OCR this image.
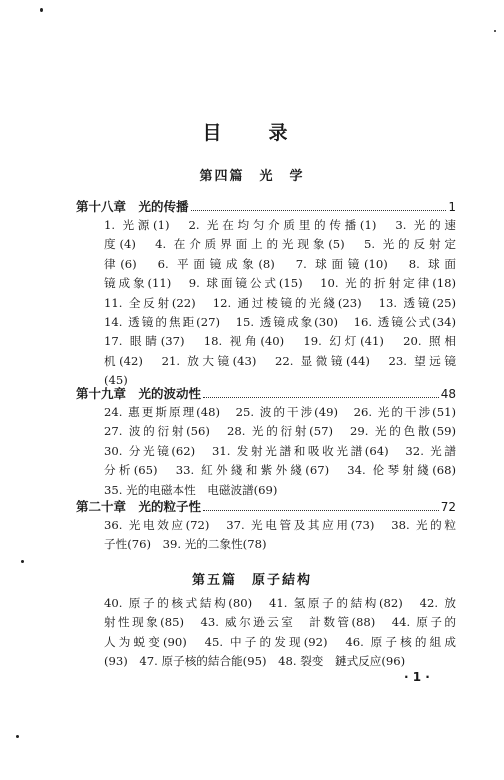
目　录
第四篇　光　学
第十八章　光的传播	1

1. 光源(1)　2. 光在均匀介质里的传播(1)　3. 光的速

度(4)　4. 在介质界面上的光现象(5)　5. 光的反射定

律(6)　6. 平面镜成象(8)　7. 球面镜(10)　8. 球面

镜成象(11)　9. 球面镜公式(15)　10. 光的折射定律(18)

11. 全反射(22)　12. 通过棱镜的光綫(23)　13. 透镜(25)

14. 透镜的焦距(27)　15. 透镜成象(30)　16. 透镜公式(34)

17. 眼睛(37)　18. 视角(40)　19. 幻灯(41)　20. 照相

机(42)　21. 放大镜(43)　22. 显微镜(44)　23. 望远镜

(45)

第十九章　光的波动性	48

24. 惠更斯原理(48)　25. 波的干涉(49)　26. 光的干涉(51)

27. 波的衍射(56)　28. 光的衍射(57)　29. 光的色散(59)

30. 分光镜(62)　31. 发射光譜和吸收光譜(64)　32. 光譜

分析(65)　33. 紅外綫和紫外綫(67)　34. 伦琴射綫(68)

35. 光的电磁本性　电磁波譜(69)

第二十章　光的粒子性	72

36. 光电效应(72)　37. 光电管及其应用(73)　38. 光的粒

子性(76)　39. 光的二象性(78)

第五篇　原子結构

40. 原子的核式結构(80)　41. 氢原子的結构(82)　42. 放

射性现象(85)　43. 威尔逊云室　計数管(88)　44. 原子的

人为蜕变(90)　45. 中子的发现(92)　46. 原子核的組成

(93)　47. 原子核的結合能(95)　48. 裂变　鏈式反应(96)

· 1 ·
